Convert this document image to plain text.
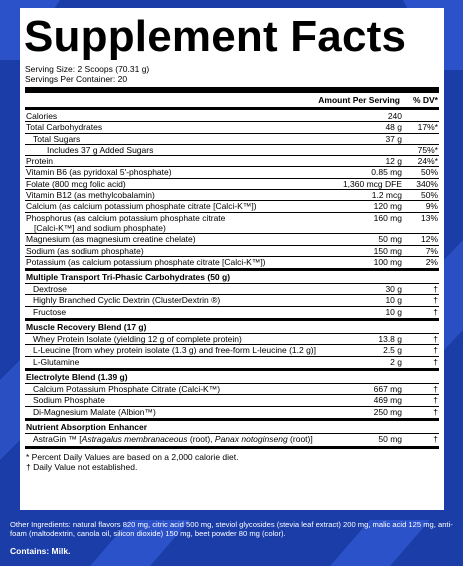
Supplement Facts
Serving Size: 2 Scoops (70.31 g)
Servings Per Container: 20
Amount Per Serving	% DV*
Calories	240
Total Carbohydrates	48 g	17%*
Total Sugars	37 g
Includes 37 g Added Sugars	75%*
Protein	12 g	24%*
Vitamin B6 (as pyridoxal 5'-phosphate)	0.85 mg	50%
Folate (800 mcg folic acid)	1,360 mcg DFE	340%
Vitamin B12 (as methylcobalamin)	1.2 mcg	50%
Calcium (as calcium potassium phosphate citrate [Calci-K™])	120 mg	9%
Phosphorus (as calcium potassium phosphate citrate
[Calci-K™] and sodium phosphate)
160 mg	13%
Magnesium (as magnesium creatine chelate)	50 mg	12%
Sodium (as sodium phosphate)	150 mg	7%
Potassium (as calcium potassium phosphate citrate [Calci-K™])	100 mg	2%
Multiple Transport Tri-Phasic Carbohydrates (50 g)
Dextrose	30 g	†
Highly Branched Cyclic Dextrin (ClusterDextrin ®)	10 g	†
Fructose	10 g	†
Muscle Recovery Blend (17 g)
Whey Protein Isolate (yielding 12 g of complete protein)	13.8 g	†
L-Leucine [from whey protein isolate (1.3 g) and free-form L-leucine (1.2 g)]	2.5 g	†
L-Glutamine	2 g	†
Electrolyte Blend (1.39 g)
Calcium Potassium Phosphate Citrate (Calci-K™)	667 mg	†
Sodium Phosphate	469 mg	†
Di-Magnesium Malate (Albion™)	250 mg	†
Nutrient Absorption Enhancer
AstraGin ™ [Astragalus membranaceous (root), Panax notoginseng (root)]	50 mg	†
* Percent Daily Values are based on a 2,000 calorie diet.
† Daily Value not established.
Other Ingredients: natural flavors 820 mg, citric acid 500 mg, steviol glycosides (stevia leaf extract) 200 mg, malic acid 125 mg, anti-foam (maltodextrin, canola oil, silicon dioxide) 150 mg, beet powder 80 mg (color).
Contains: Milk.
